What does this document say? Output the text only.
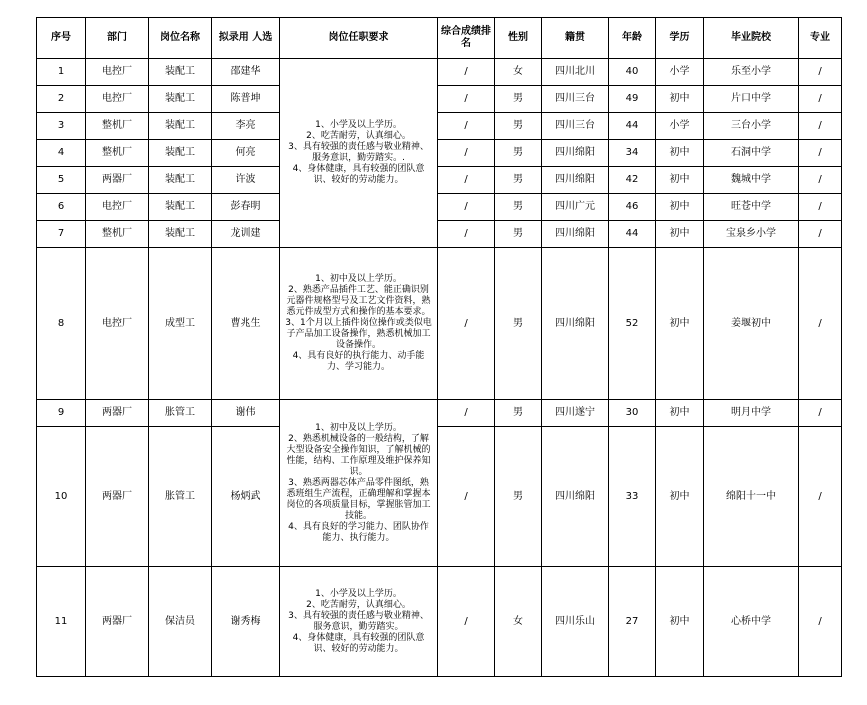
序号	部门	岗位名称	拟录用 人选	岗位任职要求	综合成绩排名	性别	籍贯	年龄	学历	毕业院校	专业
1	电控厂	装配工	邵建华	1、小学及以上学历。
2、吃苦耐劳，认真细心。
3、具有较强的责任感与敬业精神、服务意识，勤劳踏实。.
4、身体健康，具有较强的团队意识、较好的劳动能力。	/	女	四川北川	40	小学	乐至小学	/
2	电控厂	装配工	陈普坤		/	男	四川三台	49	初中	片口中学	/
3	整机厂	装配工	李亮		/	男	四川三台	44	小学	三台小学	/
4	整机厂	装配工	何亮		/	男	四川绵阳	34	初中	石洞中学	/
5	两器厂	装配工	许波		/	男	四川绵阳	42	初中	魏城中学	/
6	电控厂	装配工	彭春明		/	男	四川广元	46	初中	旺苍中学	/
7	整机厂	装配工	龙训建		/	男	四川绵阳	44	初中	宝泉乡小学	/
8	电控厂	成型工	曹兆生	1、初中及以上学历。
2、熟悉产品插件工艺、能正确识别元器件规格型号及工艺文件资料，熟悉元件成型方式和操作的基本要求。
3、1个月以上插件岗位操作或类似电子产品加工设备操作，熟悉机械加工设备操作。
4、具有良好的执行能力、动手能力、学习能力。	/	男	四川绵阳	52	初中	姜堰初中	/
9	两器厂	胀管工	谢伟	1、初中及以上学历。
2、熟悉机械设备的一般结构，了解大型设备安全操作知识，了解机械的性能，结构、工作原理及维护保养知识。
3、熟悉两器芯体产品零件图纸，熟悉班组生产流程，正确理解和掌握本岗位的各项质量目标，掌握胀管加工技能。
4、具有良好的学习能力、团队协作能力、执行能力。	/	男	四川遂宁	30	初中	明月中学	/
10	两器厂	胀管工	杨炳武		/	男	四川绵阳	33	初中	绵阳十一中	/
11	两器厂	保洁员	谢秀梅	1、小学及以上学历。
2、吃苦耐劳，认真细心。
3、具有较强的责任感与敬业精神、服务意识，勤劳踏实。
4、身体健康，具有较强的团队意识、较好的劳动能力。	/	女	四川乐山	27	初中	心桥中学	/
